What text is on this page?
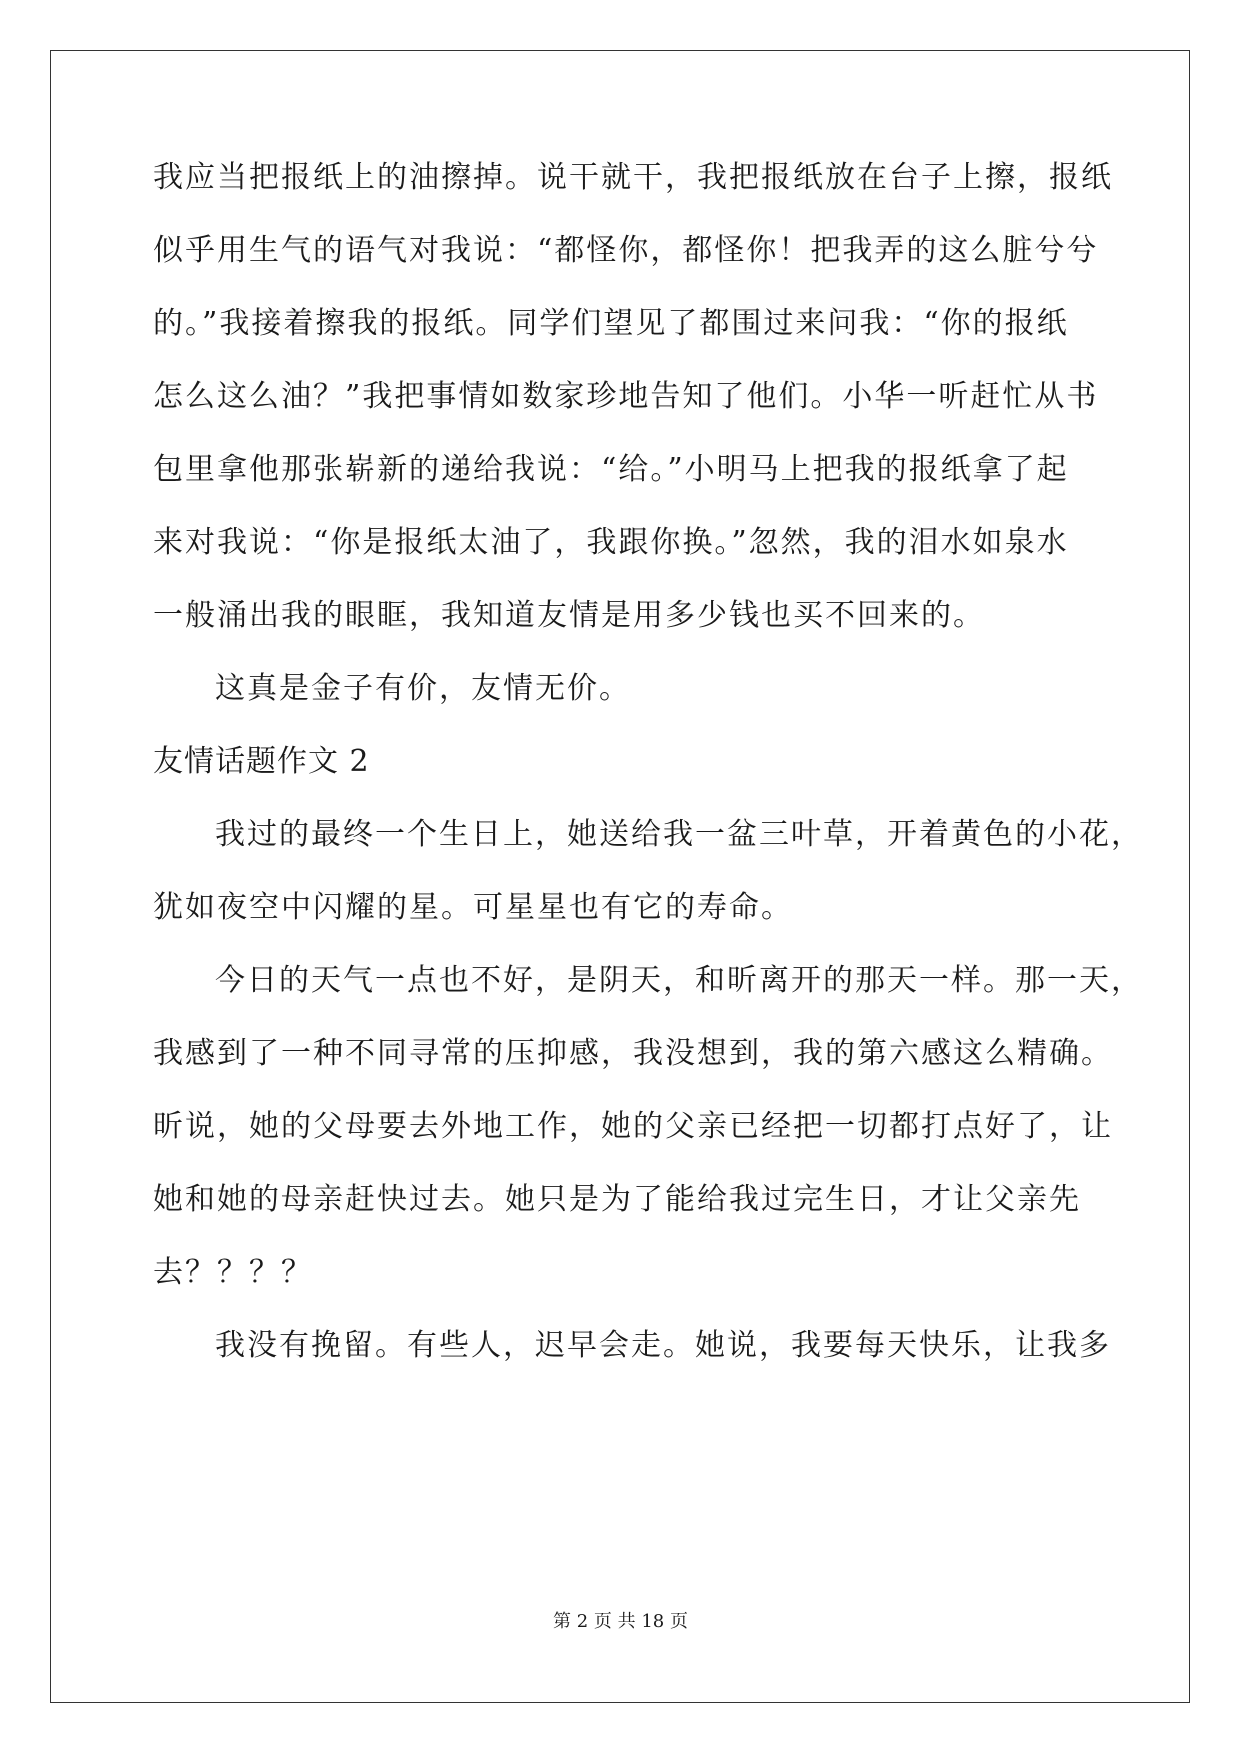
我应当把报纸上的油擦掉。说干就干，我把报纸放在台子上擦，报纸
似乎用生气的语气对我说：“都怪你，都怪你！把我弄的这么脏兮兮
的。”我接着擦我的报纸。同学们望见了都围过来问我：“你的报纸
怎么这么油？”我把事情如数家珍地告知了他们。小华一听赶忙从书
包里拿他那张崭新的递给我说：“给。”小明马上把我的报纸拿了起
来对我说：“你是报纸太油了，我跟你换。”忽然，我的泪水如泉水
一般涌出我的眼眶，我知道友情是用多少钱也买不回来的。
这真是金子有价，友情无价。
友情话题作文 2
我过的最终一个生日上，她送给我一盆三叶草，开着黄色的小花，
犹如夜空中闪耀的星。可星星也有它的寿命。
今日的天气一点也不好，是阴天，和昕离开的那天一样。那一天，
我感到了一种不同寻常的压抑感，我没想到，我的第六感这么精确。
昕说，她的父母要去外地工作，她的父亲已经把一切都打点好了，让
她和她的母亲赶快过去。她只是为了能给我过完生日，才让父亲先
去？？？？
我没有挽留。有些人，迟早会走。她说，我要每天快乐，让我多
第 2 页 共 18 页
